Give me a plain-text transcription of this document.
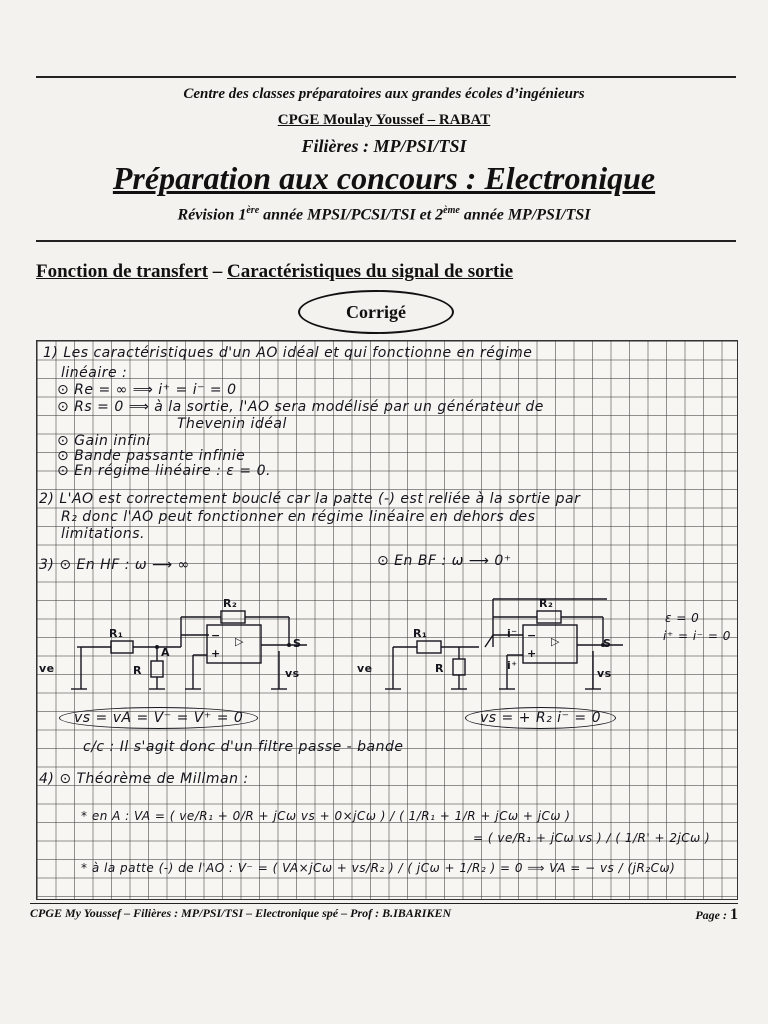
Centre des classes préparatoires aux grandes écoles d’ingénieurs
CPGE Moulay Youssef – RABAT
Filières : MP/PSI/TSI
Préparation aux concours : Electronique
Révision 1ère année MPSI/PCSI/TSI et 2ème année MP/PSI/TSI
Fonction de transfert – Caractéristiques du signal de sortie
Corrigé
1) Les caractéristiques d'un AO idéal et qui fonctionne en régime
linéaire :
⊙ Re = ∞ ⟹ i⁺ = i⁻ = 0
⊙ Rs = 0 ⟹ à la sortie, l'AO sera modélisé par un générateur de
Thevenin idéal
⊙ Gain infini
⊙ Bande passante infinie
⊙ En régime linéaire : ε = 0.
2) L'AO est correctement bouclé car la patte (-) est reliée à la sortie par
R₂ donc l'AO peut fonctionner en régime linéaire en dehors des
limitations.
3) ⊙ En HF : ω ⟶ ∞	⊙ En BF : ω ⟶ 0⁺
ε = 0
i⁺ = i⁻ = 0
R₁
R₂
R
A
S
−
+
▷
ve	vs
R₁
R₂
R
S
i⁻
i⁺
−
+
▷
ve	vs
vs = vA = V⁻ = V⁺ = 0	vs = + R₂ i⁻ = 0
c/c : Il s'agit donc d'un filtre passe - bande
4) ⊙ Théorème de Millman :
* en A : VA = ( ve/R₁ + 0/R + jCω vs + 0×jCω ) / ( 1/R₁ + 1/R + jCω + jCω )
= ( ve/R₁ + jCω vs ) / ( 1/R' + 2jCω )
* à la patte (-) de l'AO : V⁻ = ( VA×jCω + vs/R₂ ) / ( jCω + 1/R₂ ) = 0 ⟹ VA = − vs / (jR₂Cω)
CPGE My Youssef – Filières : MP/PSI/TSI – Electronique spé – Prof : B.IBARIKEN	Page : 1
